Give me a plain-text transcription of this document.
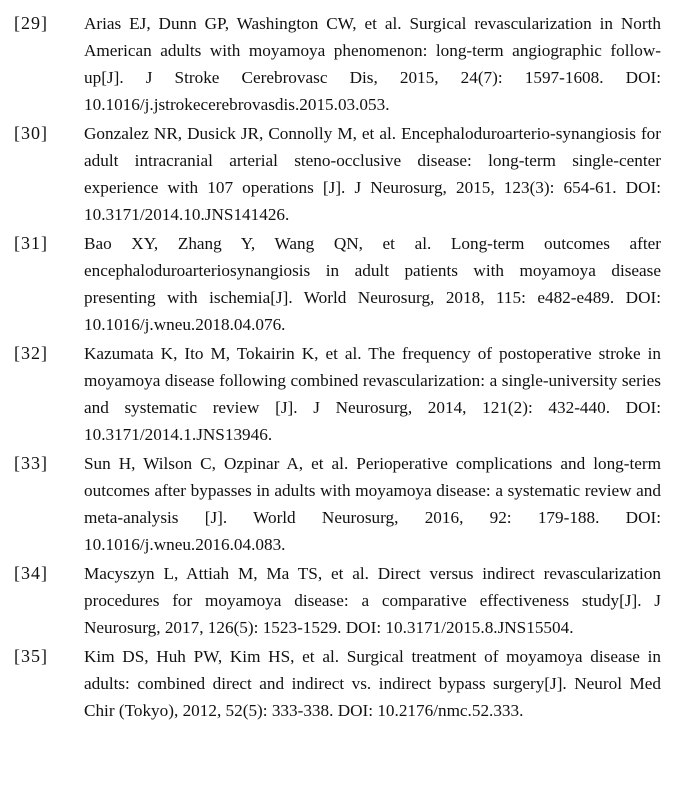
[29]	Arias EJ, Dunn GP, Washington CW, et al. Surgical revascularization in North American adults with moyamoya phenomenon: long-term angiographic follow-up[J]. J Stroke Cerebrovasc Dis, 2015, 24(7): 1597-1608. DOI: 10.1016/j.jstrokecerebrovasdis.2015.03.053.
[30]	Gonzalez NR, Dusick JR, Connolly M, et al. Encephaloduroarterio-synangiosis for adult intracranial arterial steno-occlusive disease: long-term single-center experience with 107 operations [J]. J Neurosurg, 2015, 123(3): 654-61. DOI: 10.3171/2014.10.JNS141426.
[31]	Bao XY, Zhang Y, Wang QN, et al. Long-term outcomes after encephaloduroarteriosynangiosis in adult patients with moyamoya disease presenting with ischemia[J]. World Neurosurg, 2018, 115: e482-e489. DOI: 10.1016/j.wneu.2018.04.076.
[32]	Kazumata K, Ito M, Tokairin K, et al. The frequency of postoperative stroke in moyamoya disease following combined revascularization: a single-university series and systematic review [J]. J Neurosurg, 2014, 121(2): 432-440. DOI: 10.3171/2014.1.JNS13946.
[33]	Sun H, Wilson C, Ozpinar A, et al. Perioperative complications and long-term outcomes after bypasses in adults with moyamoya disease: a systematic review and meta-analysis [J]. World Neurosurg, 2016, 92: 179-188. DOI: 10.1016/j.wneu.2016.04.083.
[34]	Macyszyn L, Attiah M, Ma TS, et al. Direct versus indirect revascularization procedures for moyamoya disease: a comparative effectiveness study[J]. J Neurosurg, 2017, 126(5): 1523-1529. DOI: 10.3171/2015.8.JNS15504.
[35]	Kim DS, Huh PW, Kim HS, et al. Surgical treatment of moyamoya disease in adults: combined direct and indirect vs. indirect bypass surgery[J]. Neurol Med Chir (Tokyo), 2012, 52(5): 333-338. DOI: 10.2176/nmc.52.333.
